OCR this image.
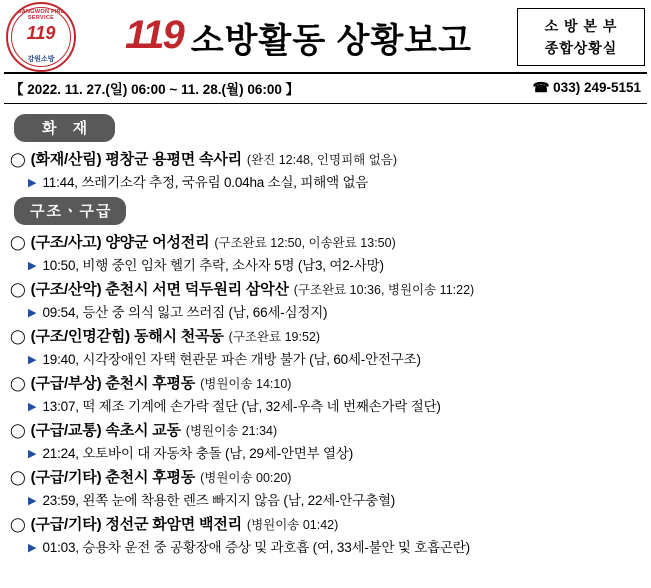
GANGWON FIRE SERVICE
119
강원소방
119 소방활동 상황보고	소 방 본 부
종합상황실
【 2022. 11. 27.(일) 06:00 ~ 11. 28.(월) 06:00 】	☎ 033) 249-5151
화 재
◯ (화재/산림) 평창군 용평면 속사리 (완진 12:48, 인명피해 없음)
▶ 11:44, 쓰레기소각 추정, 국유림 0.04ha 소실, 피해액 없음
구조ㆍ구급
◯ (구조/사고) 양양군 어성전리 (구조완료 12:50, 이송완료 13:50)
▶ 10:50, 비행 중인 임차 헬기 추락, 소사자 5명 (남3, 여2-사망)
◯ (구조/산악) 춘천시 서면 덕두원리 삼악산 (구조완료 10:36, 병원이송 11:22)
▶ 09:54, 등산 중 의식 잃고 쓰러짐 (남, 66세-심정지)
◯ (구조/인명갇힘) 동해시 천곡동 (구조완료 19:52)
▶ 19:40, 시각장애인 자택 현관문 파손 개방 불가 (남, 60세-안전구조)
◯ (구급/부상) 춘천시 후평동 (병원이송 14:10)
▶ 13:07, 떡 제조 기계에 손가락 절단 (남, 32세-우측 네 번째손가락 절단)
◯ (구급/교통) 속초시 교동 (병원이송 21:34)
▶ 21:24, 오토바이 대 자동차 충돌 (남, 29세-안면부 열상)
◯ (구급/기타) 춘천시 후평동 (병원이송 00:20)
▶ 23:59, 왼쪽 눈에 착용한 렌즈 빠지지 않음 (남, 22세-안구충혈)
◯ (구급/기타) 정선군 화암면 백전리 (병원이송 01:42)
▶ 01:03, 승용차 운전 중 공황장애 증상 및 과호흡 (여, 33세-불안 및 호흡곤란)
